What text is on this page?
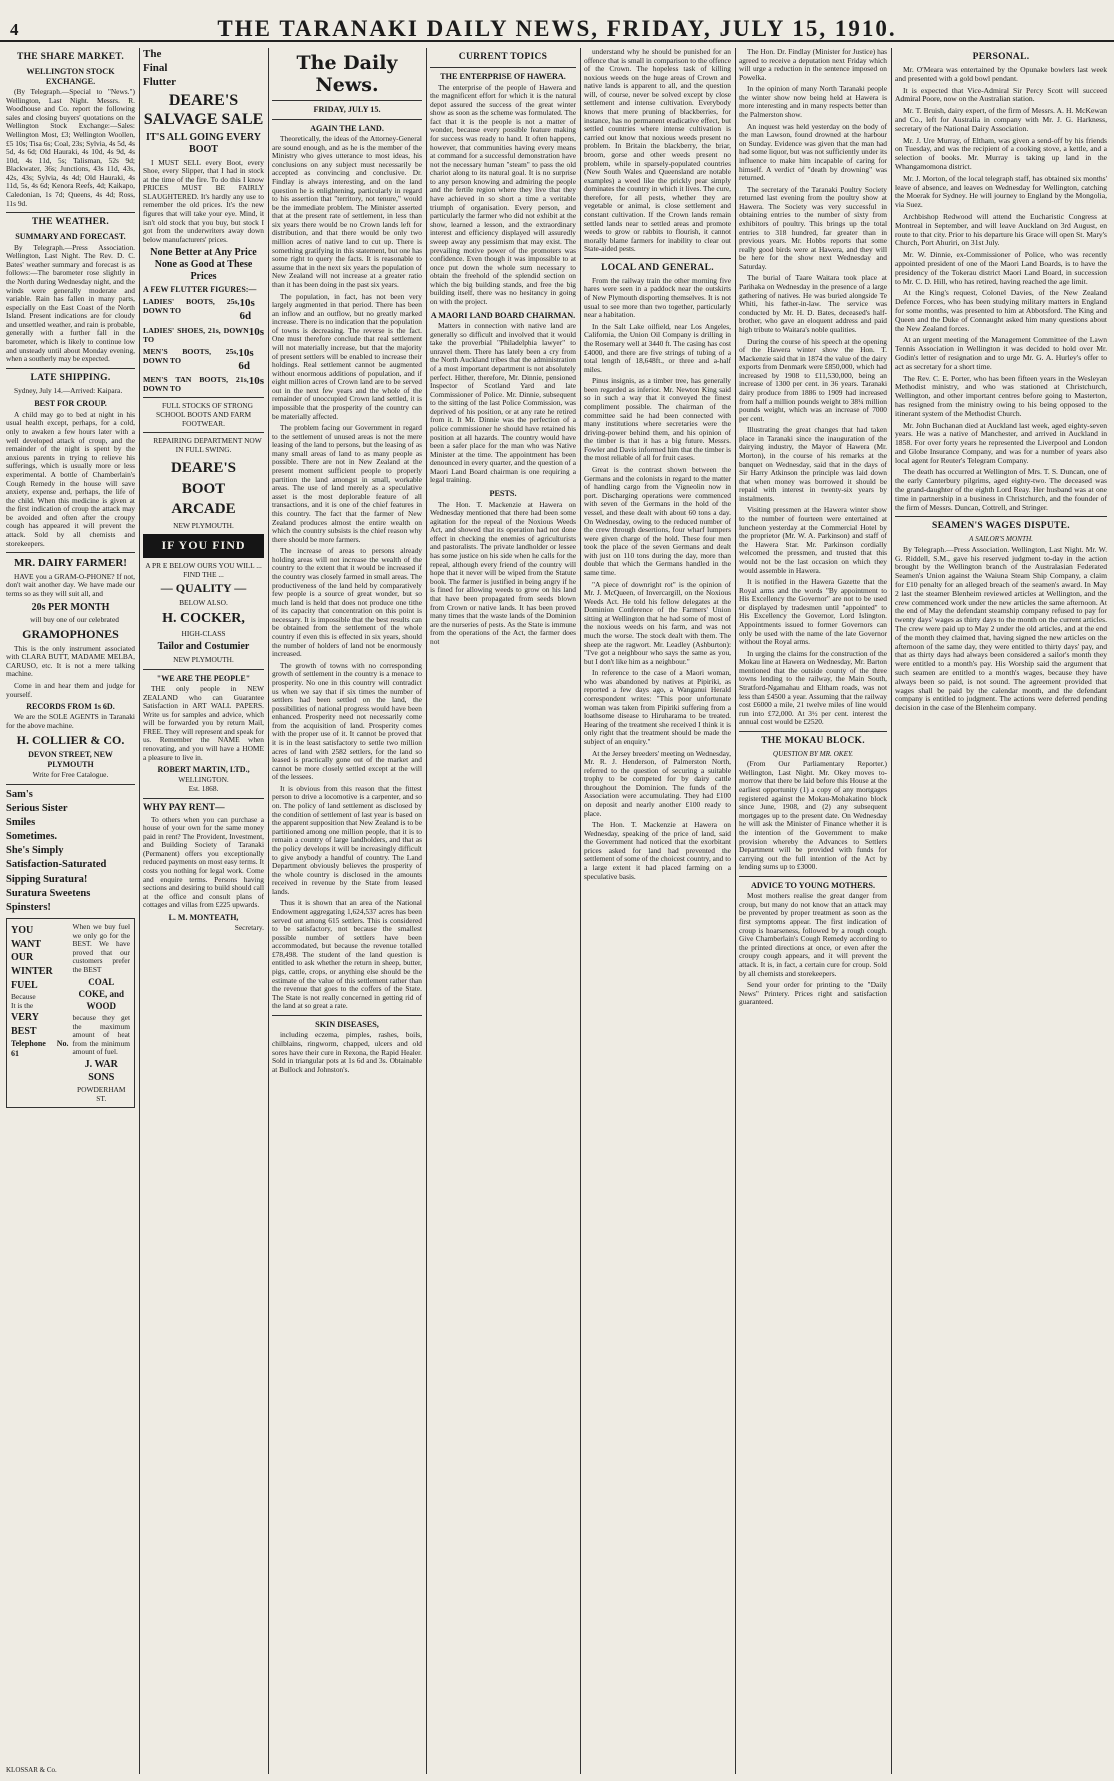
4	THE TARANAKI DAILY NEWS, FRIDAY, JULY 15, 1910.
THE SHARE MARKET.
WELLINGTON STOCK EXCHANGE.

(By Telegraph.—Special to "News.") Wellington, Last Night. Messrs. R. Woodhouse and Co. report the following sales and closing buyers' quotations on the Wellington Stock Exchange:—Sales: Wellington Most, £3; Wellington Woollen, £5 10s; Tisa 6s; Coal, 23s; Sylvia, 4s 5d, 4s 5d, 4s 6d; Old Hauraki, 4s 10d, 4s 9d, 4s 10d, 4s 11d, 5s; Talisman, 52s 9d; Blackwater, 36s; Junctions, 43s 11d, 43s, 42s, 43s; Sylvia, 4s 4d; Old Hauraki, 4s 11d, 5s, 4s 6d; Kenora Reefs, 4d; Kaikapo, Caledonian, 1s 7d; Queens, 4s 4d; Ross, 11s 9d.

THE WEATHER.
SUMMARY AND FORECAST.

By Telegraph.—Press Association. Wellington, Last Night. The Rev. D. C. Bates' weather summary and forecast is as follows:—The barometer rose slightly in the North during Wednesday night, and the winds were generally moderate and variable. Rain has fallen in many parts, especially on the East Coast of the North Island. Present indications are for cloudy and unsettled weather, and rain is probable, generally with a further fall in the barometer, which is likely to continue low and unsteady until about Monday evening, when a southerly may be expected.

LATE SHIPPING.

Sydney, July 14.—Arrived: Kaipara.

BEST FOR CROUP.

A child may go to bed at night in his usual health except, perhaps, for a cold, only to awaken a few hours later with a well developed attack of croup, and the remainder of the night is spent by the anxious parents in trying to relieve his sufferings, which is usually more or less experimental. A bottle of Chamberlain's Cough Remedy in the house will save anxiety, expense and, perhaps, the life of the child. When this medicine is given at the first indication of croup the attack may be avoided and often after the croupy cough has appeared it will prevent the attack. Sold by all chemists and storekeepers.

MR. DAIRY FARMER!

HAVE you a GRAM-O-PHONE? If not, don't wait another day. We have made our terms so as they will suit all, and

20s PER MONTH

will buy one of our celebrated

GRAMOPHONES

This is the only instrument associated with CLARA BUTT, MADAME MELBA, CARUSO, etc. It is not a mere talking machine.

Come in and hear them and judge for yourself.

RECORDS FROM 1s 6D.

We are the SOLE AGENTS in Taranaki for the above machine.

H. COLLIER & CO.
DEVON STREET, NEW PLYMOUTH
Write for Free Catalogue.
Sam's
Serious Sister
Smiles
Sometimes.
She's Simply
Satisfaction-Saturated
Sipping Suratura!
Suratura Sweetens
Spinsters!
YOU
WANT
OUR
WINTER
FUEL
Because
It is the
VERY
BEST
Telephone No. 61
When we buy fuel we only go for the BEST. We have proved that our customers prefer the BEST
COAL
COKE, and
WOOD
because they get the maximum amount of heat from the minimum amount of fuel.
J. WAR
SONS
POWDERHAM ST.
The
Final
Flutter
DEARE'S SALVAGE SALE
IT'S ALL GOING EVERY BOOT

I MUST SELL every Boot, every Shoe, every Slipper, that I had in stock at the time of the fire. To do this I know PRICES MUST BE FAIRLY SLAUGHTERED. It's hardly any use to remember the old prices. It's the new figures that will take your eye. Mind, it isn't old stock that you buy, but stock I got from the underwriters away down below manufacturers' prices.

None Better at Any Price None as Good at These Prices
A FEW FLUTTER FIGURES:—
LADIES' BOOTS, 25s, DOWN TO
10s 6d
LADIES' SHOES, 21s, DOWN TO
10s
MEN'S BOOTS, 25s, DOWN TO
10s 6d
MEN'S TAN BOOTS, 21s, DOWN TO
10s

FULL STOCKS OF STRONG SCHOOL BOOTS AND FARM FOOTWEAR.

REPAIRING DEPARTMENT NOW IN FULL SWING.

DEARE'S
BOOT
ARCADE
NEW PLYMOUTH.
IF YOU FIND
A PR E BELOW OURS YOU WILL ... FIND THE ...
— QUALITY —
BELOW ALSO.
H. COCKER,
HIGH-CLASS
Tailor and Costumier
NEW PLYMOUTH.
"WE ARE THE PEOPLE"

THE only people in NEW ZEALAND who can Guarantee Satisfaction in ART WALL PAPERS. Write us for samples and advice, which will be forwarded you by return Mail, FREE. They will represent and speak for us. Remember the NAME when renovating, and you will have a HOME a pleasure to live in.

ROBERT MARTIN, LTD.,
WELLINGTON.
Est. 1868.
WHY PAY RENT—

To others when you can purchase a house of your own for the same money paid in rent? The Provident, Investment, and Building Society of Taranaki (Permanent) offers you exceptionally reduced payments on most easy terms. It costs you nothing for legal work. Come and enquire terms. Persons having sections and desiring to build should call at the office and consult plans of cottages and villas from £225 upwards.

L. M. MONTEATH,
Secretary.
The Daily News.
FRIDAY, JULY 15.
AGAIN THE LAND.

Theoretically, the ideas of the Attorney-General are sound enough, and as he is the member of the Ministry who gives utterance to most ideas, his conclusions on any subject must necessarily be accepted as convincing and conclusive. Dr. Findlay is always interesting, and on the land question he is enlightening, particularly in regard to his assertion that "territory, not tenure," would be the immediate problem. The Minister asserted that at the present rate of settlement, in less than six years there would be no Crown lands left for distribution, and that there would be only two million acres of native land to cut up. There is something gratifying in this statement, but one has some right to query the facts. It is reasonable to assume that in the next six years the population of New Zealand will not increase at a greater ratio than it has been doing in the past six years.

The population, in fact, has not been very largely augmented in that period. There has been an inflow and an outflow, but no greatly marked increase. There is no indication that the population of towns is decreasing. The reverse is the fact. One must therefore conclude that real settlement will not materially increase, but that the majority of present settlers will be enabled to increase their holdings. Real settlement cannot be augmented without enormous additions of population, and if eight million acres of Crown land are to be served out in the next few years and the whole of the remainder of unoccupied Crown land settled, it is impossible that the prosperity of the country can be materially affected.

The problem facing our Government in regard to the settlement of unused areas is not the mere leasing of the land to persons, but the leasing of as many small areas of land to as many people as possible. There are not in New Zealand at the present moment sufficient people to properly partition the land amongst in small, workable areas. The use of land merely as a speculative asset is the most deplorable feature of all transactions, and it is one of the chief features in this country. The fact that the farmer of New Zealand produces almost the entire wealth on which the country subsists is the chief reason why there should be more farmers.

The increase of areas to persons already holding areas will not increase the wealth of the country to the extent that it would be increased if the country was closely farmed in small areas. The productiveness of the land held by comparatively few people is a source of great wonder, but so much land is held that does not produce one tithe of its capacity that concentration on this point is necessary. It is impossible that the best results can be obtained from the settlement of the whole country if even this is effected in six years, should the number of holders of land not be enormously increased.

The growth of towns with no corresponding growth of settlement in the country is a menace to prosperity. No one in this country will contradict us when we say that if six times the number of settlers had been settled on the land, the possibilities of national progress would have been enhanced. Prosperity need not necessarily come from the acquisition of land. Prosperity comes with the proper use of it. It cannot be proved that it is in the least satisfactory to settle two million acres of land with 2582 settlers, for the land so leased is practically gone out of the market and cannot be more closely settled except at the will of the lessees.

It is obvious from this reason that the fittest person to drive a locomotive is a carpenter, and so on. The policy of land settlement as disclosed by the condition of settlement of last year is based on the apparent supposition that New Zealand is to be partitioned among one million people, that it is to remain a country of large landholders, and that as the policy develops it will be increasingly difficult to give anybody a handful of country. The Land Department obviously believes the prosperity of the whole country is disclosed in the amounts received in revenue by the State from leased lands.

Thus it is shown that an area of the National Endowment aggregating 1,624,537 acres has been served out among 615 settlers. This is considered to be satisfactory, not because the smallest possible number of settlers have been accommodated, but because the revenue totalled £78,498. The student of the land question is entitled to ask whether the return in sheep, butter, pigs, cattle, crops, or anything else should be the estimate of the value of this settlement rather than the revenue that goes to the coffers of the State. The State is not really concerned in getting rid of the land at so great a rate.

SKIN DISEASES,

including eczema, pimples, rashes, boils, chilblains, ringworm, chapped, ulcers and old sores have their cure in Rexona, the Rapid Healer. Sold in triangular pots at 1s 6d and 3s. Obtainable at Bullock and Johnston's.

CURRENT TOPICS
THE ENTERPRISE OF HAWERA.

The enterprise of the people of Hawera and the magnificent effort for which it is the natural depot assured the success of the great winter show as soon as the scheme was formulated. The fact that it is the people is not a matter of wonder, because every possible feature making for success was ready to hand. It often happens, however, that communities having every means at command for a successful demonstration have not the necessary human "steam" to pass the old chariot along to its natural goal. It is no surprise to any person knowing and admiring the people and the fertile region where they live that they have achieved in so short a time a veritable triumph of organisation. Every person, and particularly the farmer who did not exhibit at the show, learned a lesson, and the extraordinary interest and efficiency displayed will assuredly sweep away any pessimism that may exist. The prevailing motive power of the promoters was confidence. Even though it was impossible to at once put down the whole sum necessary to obtain the freehold of the splendid section on which the big building stands, and free the big building itself, there was no hesitancy in going on with the project.

A MAORI LAND BOARD CHAIRMAN.

Matters in connection with native land are generally so difficult and involved that it would take the proverbial "Philadelphia lawyer" to unravel them. There has lately been a cry from the North Auckland tribes that the administration of a most important department is not absolutely perfect. Hither, therefore, Mr. Dinnie, pensioned Inspector of Scotland Yard and late Commissioner of Police. Mr. Dinnie, subsequent to the sitting of the last Police Commission, was deprived of his position, or at any rate he retired from it. It Mr. Dinnie was the perfection of a police commissioner he should have retained his position at all hazards. The country would have been a safer place for the man who was Native Minister at the time. The appointment has been denounced in every quarter, and the question of a Maori Land Board chairman is one requiring a legal training.

PESTS.

The Hon. T. Mackenzie at Hawera on Wednesday mentioned that there had been some agitation for the repeal of the Noxious Weeds Act, and showed that its operation had not done effect in checking the enemies of agriculturists and pastoralists. The private landholder or lessee has some justice on his side when he calls for the repeal, although every friend of the country will hope that it never will be wiped from the Statute book. The farmer is justified in being angry if he is fined for allowing weeds to grow on his land that have been propagated from seeds blown from Crown or native lands. It has been proved many times that the waste lands of the Dominion are the nurseries of pests. As the State is immune from the operations of the Act, the farmer does not

understand why he should be punished for an offence that is small in comparison to the offence of the Crown. The hopeless task of killing noxious weeds on the huge areas of Crown and native lands is apparent to all, and the question will, of course, never be solved except by close settlement and intense cultivation. Everybody knows that mere pruning of blackberries, for instance, has no permanent eradicative effect, but settled countries where intense cultivation is carried out know that noxious weeds present no problem. In Britain the blackberry, the briar, broom, gorse and other weeds present no problem, while in sparsely-populated countries (New South Wales and Queensland are notable examples) a weed like the prickly pear simply dominates the country in which it lives. The cure, therefore, for all pests, whether they are vegetable or animal, is close settlement and constant cultivation. If the Crown lands remain settled lands near to settled areas and promote weeds to grow or rabbits to flourish, it cannot morally blame farmers for inability to clear out State-aided pests.

LOCAL AND GENERAL.

From the railway train the other morning five hares were seen in a paddock near the outskirts of New Plymouth disporting themselves. It is not usual to see more than two together, particularly near a habitation.

In the Salt Lake oilfield, near Los Angeles, California, the Union Oil Company is drilling in the Rosemary well at 3440 ft. The casing has cost £4000, and there are five strings of tubing of a total length of 18,648ft., or three and a-half miles.

Pinus insignis, as a timber tree, has generally been regarded as inferior. Mr. Newton King said so in such a way that it conveyed the finest compliment possible. The chairman of the committee said he had been connected with many institutions where secretaries were the driving-power behind them, and his opinion of the timber is that it has a big future. Messrs. Fowler and Davis informed him that the timber is the most reliable of all for fruit cases.

Great is the contrast shown between the Germans and the colonists in regard to the matter of handling cargo from the Vigneolin now in port. Discharging operations were commenced with seven of the Germans in the hold of the vessel, and these dealt with about 60 tons a day. On Wednesday, owing to the reduced number of the crew through desertions, four wharf lumpers were given charge of the hold. These four men took the place of the seven Germans and dealt with just on 110 tons during the day, more than double that which the Germans handled in the same time.

"A piece of downright rot" is the opinion of Mr. J. McQueen, of Invercargill, on the Noxious Weeds Act. He told his fellow delegates at the Dominion Conference of the Farmers' Union sitting at Wellington that he had some of most of the noxious weeds on his farm, and was not much the worse. The stock dealt with them. The sheep ate the ragwort. Mr. Leadley (Ashburton): "I've got a neighbour who says the same as you, but I don't like him as a neighbour."

In reference to the case of a Maori woman, who was abandoned by natives at Pipiriki, as reported a few days ago, a Wanganui Herald correspondent writes: "This poor unfortunate woman was taken from Pipiriki suffering from a loathsome disease to Hiruharama to be treated. Hearing of the treatment she received I think it is only right that the treatment should be made the subject of an enquiry."

At the Jersey breeders' meeting on Wednesday, Mr. R. J. Henderson, of Palmerston North, referred to the question of securing a suitable trophy to be competed for by dairy cattle throughout the Dominion. The funds of the Association were accumulating. They had £100 on deposit and nearly another £100 ready to place.

The Hon. T. Mackenzie at Hawera on Wednesday, speaking of the price of land, said the Government had noticed that the exorbitant prices asked for land had prevented the settlement of some of the choicest country, and to a large extent it had placed farming on a speculative basis.

The Hon. Dr. Findlay (Minister for Justice) has agreed to receive a deputation next Friday which will urge a reduction in the sentence imposed on Powelka.

In the opinion of many North Taranaki people the winter show now being held at Hawera is more interesting and in many respects better than the Palmerston show.

An inquest was held yesterday on the body of the man Lawson, found drowned at the harbour on Sunday. Evidence was given that the man had had some liquor, but was not sufficiently under its influence to make him incapable of caring for himself. A verdict of "death by drowning" was returned.

The secretary of the Taranaki Poultry Society returned last evening from the poultry show at Hawera. The Society was very successful in obtaining entries to the number of sixty from exhibitors of poultry. This brings up the total entries to 318 hundred, far greater than in previous years. Mr. Hobbs reports that some really good birds were at Hawera, and they will be here for the show next Wednesday and Saturday.

The burial of Taare Waitara took place at Parihaka on Wednesday in the presence of a large gathering of natives. He was buried alongside Te Whiti, his father-in-law. The service was conducted by Mr. H. D. Bates, deceased's half-brother, who gave an eloquent address and paid high tribute to Waitara's noble qualities.

During the course of his speech at the opening of the Hawera winter show the Hon. T. Mackenzie said that in 1874 the value of the dairy exports from Denmark were £850,000, which had increased by 1908 to £11,530,000, being an increase of 1300 per cent. in 36 years. Taranaki dairy produce from 1886 to 1909 had increased from half a million pounds weight to 38¼ million pounds weight, which was an increase of 7000 per cent.

Illustrating the great changes that had taken place in Taranaki since the inauguration of the dairying industry, the Mayor of Hawera (Mr. Morton), in the course of his remarks at the banquet on Wednesday, said that in the days of Sir Harry Atkinson the principle was laid down that when money was borrowed it should be repaid with interest in twenty-six years by instalments.

Visiting pressmen at the Hawera winter show to the number of fourteen were entertained at luncheon yesterday at the Commercial Hotel by the proprietor (Mr. W. A. Parkinson) and staff of the Hawera Star. Mr. Parkinson cordially welcomed the pressmen, and trusted that this would not be the last occasion on which they would assemble in Hawera.

It is notified in the Hawera Gazette that the Royal arms and the words "By appointment to His Excellency the Governor" are not to be used or displayed by tradesmen until "appointed" to His Excellency the Governor, Lord Islington. Appointments issued to former Governors can only be used with the name of the late Governor without the Royal arms.

In urging the claims for the construction of the Mokau line at Hawera on Wednesday, Mr. Barton mentioned that the outside county of the three towns lending to the railway, the Main South, Stratford-Ngamahau and Eltham roads, was not less than £4500 a year. Assuming that the railway cost £6000 a mile, 21 twelve miles of line would run into £72,000. At 3½ per cent. interest the annual cost would be £2520.

THE MOKAU BLOCK.
QUESTION BY MR. OKEY.

(From Our Parliamentary Reporter.) Wellington, Last Night. Mr. Okey moves to-morrow that there be laid before this House at the earliest opportunity (1) a copy of any mortgages registered against the Mokau-Mohakatino block since June, 1908, and (2) any subsequent mortgages up to the present date. On Wednesday he will ask the Minister of Finance whether it is the intention of the Government to make provision whereby the Advances to Settlers Department will be provided with funds for carrying out the full intention of the Act by lending sums up to £3000.

ADVICE TO YOUNG MOTHERS.

Most mothers realise the great danger from croup, but many do not know that an attack may be prevented by proper treatment as soon as the first symptoms appear. The first indication of croup is hoarseness, followed by a rough cough. Give Chamberlain's Cough Remedy according to the printed directions at once, or even after the croupy cough appears, and it will prevent the attack. It is, in fact, a certain cure for croup. Sold by all chemists and storekeepers.

Send your order for printing to the "Daily News" Printery. Prices right and satisfaction guaranteed.

PERSONAL.

Mr. O'Meara was entertained by the Opunake bowlers last week and presented with a gold bowl pendant.

It is expected that Vice-Admiral Sir Percy Scott will succeed Admiral Poore, now on the Australian station.

Mr. T. Bruish, dairy expert, of the firm of Messrs. A. H. McKewan and Co., left for Australia in company with Mr. J. G. Harkness, secretary of the National Dairy Association.

Mr. J. Ure Murray, of Eltham, was given a send-off by his friends on Tuesday, and was the recipient of a cooking stove, a kettle, and a selection of books. Mr. Murray is taking up land in the Whangamomona district.

Mr. J. Morton, of the local telegraph staff, has obtained six months' leave of absence, and leaves on Wednesday for Wellington, catching the Moerak for Sydney. He will journey to England by the Mongolia, via Suez.

Archbishop Redwood will attend the Eucharistic Congress at Montreal in September, and will leave Auckland on 3rd August, en route to that city. Prior to his departure his Grace will open St. Mary's Church, Port Ahuriri, on 31st July.

Mr. W. Dinnie, ex-Commissioner of Police, who was recently appointed president of one of the Maori Land Boards, is to have the presidency of the Tokerau district Maori Land Board, in succession to Mr. C. D. Hill, who has retired, having reached the age limit.

At the King's request, Colonel Davies, of the New Zealand Defence Forces, who has been studying military matters in England for some months, was presented to him at Abbotsford. The King and Queen and the Duke of Connaught asked him many questions about the New Zealand forces.

At an urgent meeting of the Management Committee of the Lawn Tennis Association in Wellington it was decided to hold over Mr. Godin's letter of resignation and to urge Mr. G. A. Hurley's offer to act as secretary for a short time.

The Rev. C. E. Porter, who has been fifteen years in the Wesleyan Methodist ministry, and who was stationed at Christchurch, Wellington, and other important centres before going to Masterton, has resigned from the ministry owing to his being opposed to the itinerant system of the Methodist Church.

Mr. John Buchanan died at Auckland last week, aged eighty-seven years. He was a native of Manchester, and arrived in Auckland in 1858. For over forty years he represented the Liverpool and London and Globe Insurance Company, and was for a number of years also local agent for Reuter's Telegram Company.

The death has occurred at Wellington of Mrs. T. S. Duncan, one of the early Canterbury pilgrims, aged eighty-two. The deceased was the grand-daughter of the eighth Lord Reay. Her husband was at one time in partnership in a business in Christchurch, and the founder of the firm of Messrs. Duncan, Cottrell, and Stringer.

SEAMEN'S WAGES DISPUTE.
A SAILOR'S MONTH.

By Telegraph.—Press Association. Wellington, Last Night. Mr. W. G. Riddell, S.M., gave his reserved judgment to-day in the action brought by the Wellington branch of the Australasian Federated Seamen's Union against the Waiuna Steam Ship Company, a claim for £10 penalty for an alleged breach of the seamen's award. In May 2 last the steamer Blenheim reviewed articles at Wellington, and the crew commenced work under the new articles the same afternoon. At the end of May the defendant steamship company refused to pay for twenty days' wages as thirty days to the month on the current articles. The crew were paid up to May 2 under the old articles, and at the end of the month they claimed that, having signed the new articles on the afternoon of the same day, they were entitled to thirty days' pay, and that as thirty days had always been considered a sailor's month they were entitled to a month's pay. His Worship said the argument that such seamen are entitled to a month's wages, because they have always been so paid, is not sound. The agreement provided that wages shall be paid by the calendar month, and the defendant company is entitled to judgment. The actions were deferred pending decision in the case of the Blenheim company.

KLOSSAR & Co.
